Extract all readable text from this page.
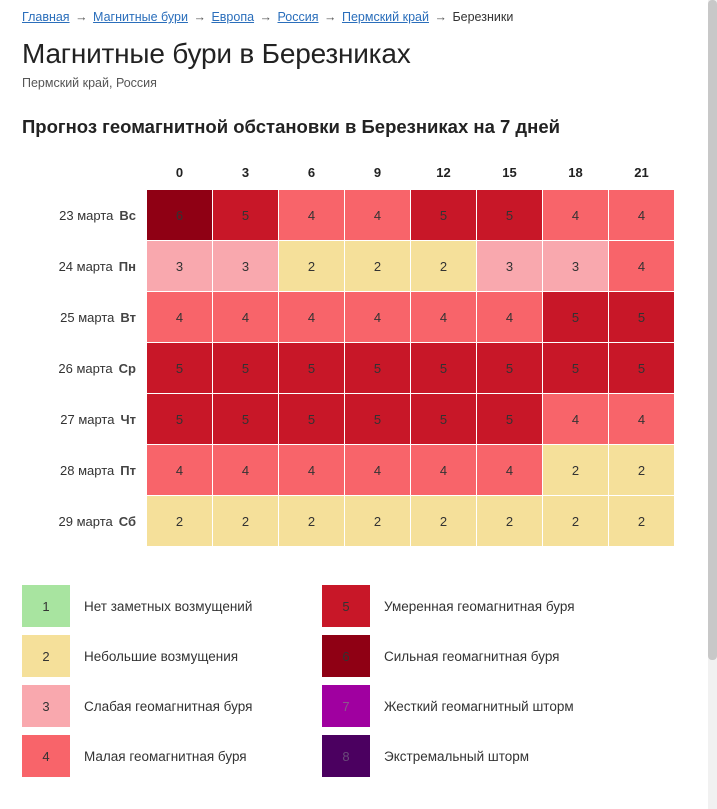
Главная → Магнитные бури → Европа → Россия → Пермский край → Березники
Магнитные бури в Березниках
Пермский край, Россия
Прогноз геомагнитной обстановки в Березниках на 7 дней
	0	3	6	9	12	15	18	21
23 марта Вс	6	5	4	4	5	5	4	4
24 марта Пн	3	3	2	2	2	3	3	4
25 марта Вт	4	4	4	4	4	4	5	5
26 марта Ср	5	5	5	5	5	5	5	5
27 марта Чт	5	5	5	5	5	5	4	4
28 марта Пт	4	4	4	4	4	4	2	2
29 марта Сб	2	2	2	2	2	2	2	2
1	Нет заметных возмущений
2	Небольшие возмущения
3	Слабая геомагнитная буря
4	Малая геомагнитная буря
5	Умеренная геомагнитная буря
6	Сильная геомагнитная буря
7	Жесткий геомагнитный шторм
8	Экстремальный шторм
